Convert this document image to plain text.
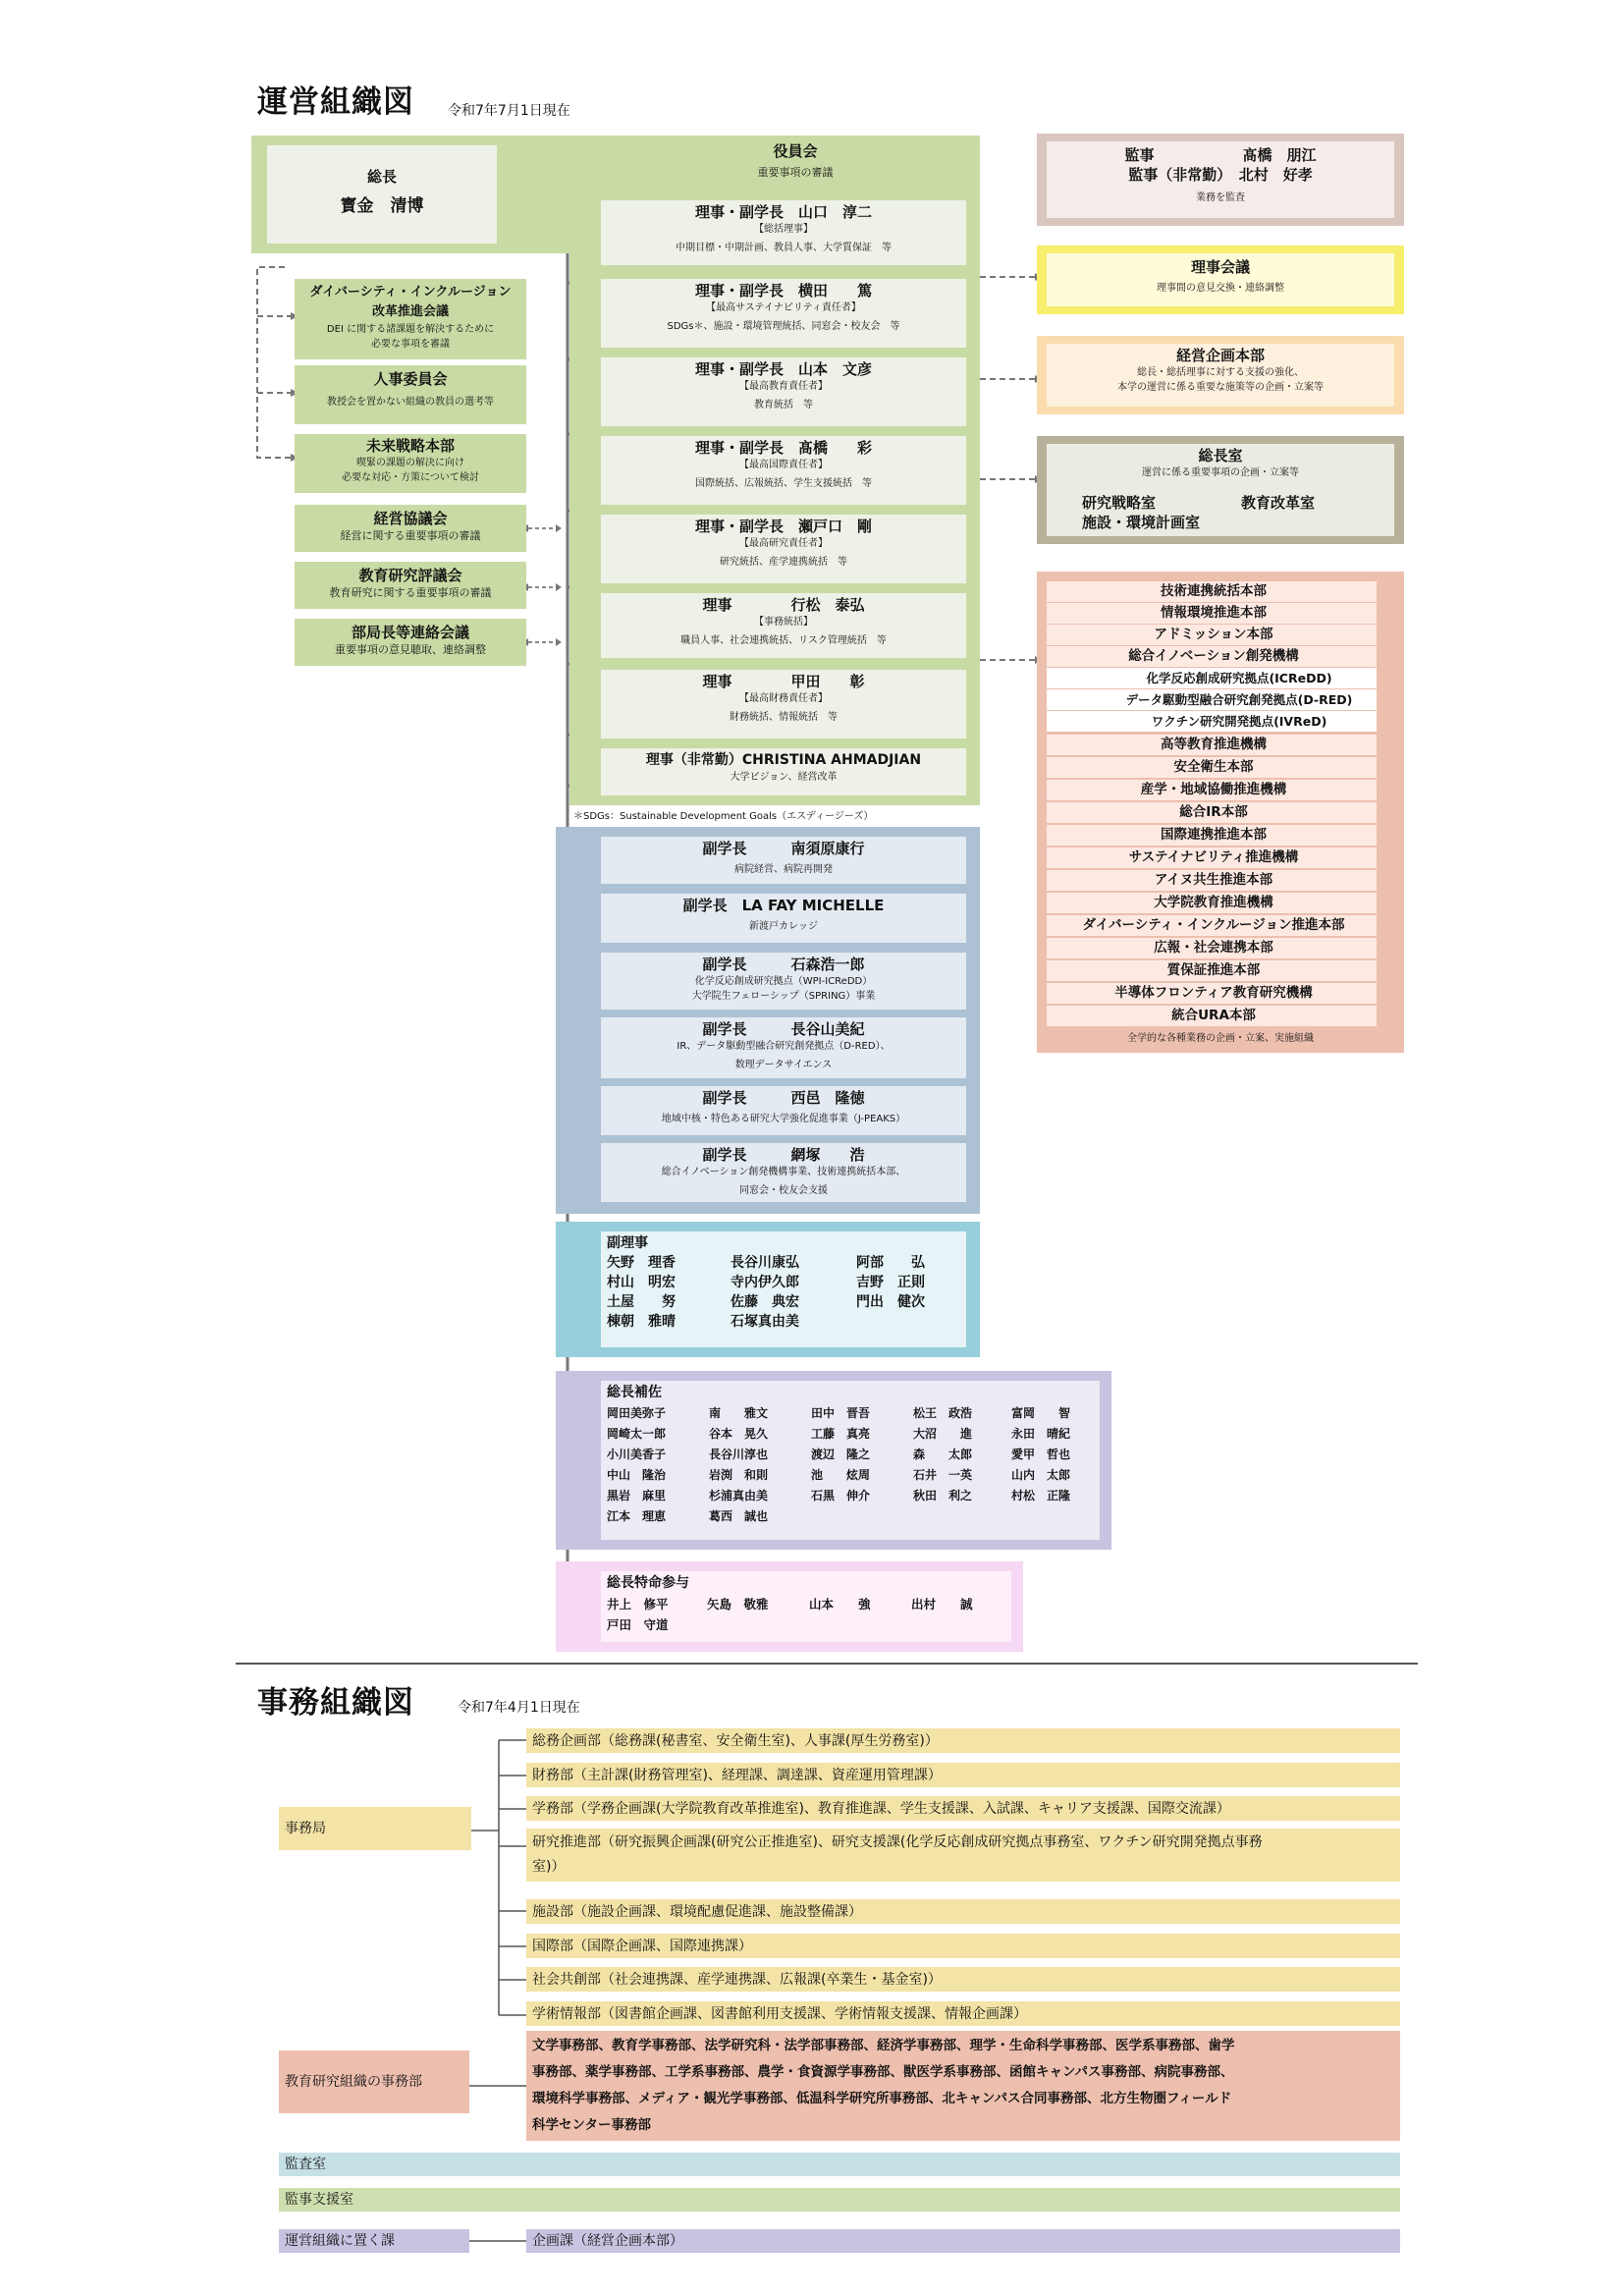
運営組織図 令和7年7月1日現在
役員会
重要事項の審議
総長
寳金　清博	理事・副学長　山口　淳二
【総括理事】
中期目標・中期計画、教員人事、大学質保証　等
理事・副学長　横田　　篤
【最高サステイナビリティ責任者】
SDGs＊、施設・環境管理統括、同窓会・校友会　等
理事・副学長　山本　文彦
【最高教育責任者】
教育統括　等
理事・副学長　髙橋　　彩
【最高国際責任者】
国際統括、広報統括、学生支援統括　等
理事・副学長　瀬戸口　剛
【最高研究責任者】
研究統括、産学連携統括　等
理事　　　　行松　泰弘
【事務統括】
職員人事、社会連携統括、リスク管理統括　等
理事　　　　甲田　　彰
【最高財務責任者】
財務統括、情報統括　等
理事（非常勤）CHRISTINA AHMADJIAN
大学ビジョン、経営改革
＊SDGs：Sustainable Development Goals（エスディージーズ）
ダイバーシティ・インクルージョン
改革推進会議
DEI に関する諸課題を解決するために
必要な事項を審議
人事委員会
教授会を置かない組織の教員の選考等
未来戦略本部
喫緊の課題の解決に向け
必要な対応・方策について検討
経営協議会
経営に関する重要事項の審議
教育研究評議会
教育研究に関する重要事項の審議
部局長等連絡会議
重要事項の意見聴取、連絡調整
監事　　　　　　髙橋　朋江
監事（非常勤）　北村　好孝
業務を監査
理事会議
理事間の意見交換・連絡調整
経営企画本部
総長・総括理事に対する支援の強化、
本学の運営に係る重要な施策等の企画・立案等
総長室
運営に係る重要事項の企画・立案等
研究戦略室	教育改革室
施設・環境計画室
技術連携統括本部
情報環境推進本部
アドミッション本部
総合イノベーション創発機構
化学反応創成研究拠点(ICReDD)
データ駆動型融合研究創発拠点(D-RED)
ワクチン研究開発拠点(IVReD)
高等教育推進機構
安全衛生本部
産学・地域協働推進機構
総合IR本部
国際連携推進本部
サステイナビリティ推進機構
アイヌ共生推進本部
大学院教育推進機構
ダイバーシティ・インクルージョン推進本部
広報・社会連携本部
質保証推進本部
半導体フロンティア教育研究機構
統合URA本部
全学的な各種業務の企画・立案、実施組織
副学長　　　南須原康行
病院経営、病院再開発
副学長　LA FAY MICHELLE
新渡戸カレッジ
副学長　　　石森浩一郎
化学反応創成研究拠点（WPI-ICReDD）
大学院生フェローシップ（SPRING）事業
副学長　　　長谷山美紀
IR、データ駆動型融合研究創発拠点（D-RED）、
数理データサイエンス
副学長　　　西邑　隆徳
地域中核・特色ある研究大学強化促進事業（J-PEAKS）
副学長　　　網塚　　浩
総合イノベーション創発機構事業、技術連携統括本部、
同窓会・校友会支援
副理事
矢野　理香	長谷川康弘	阿部　　弘
村山　明宏	寺内伊久郎	吉野　正則
土屋　　努	佐藤　典宏	門出　健次
棟朝　雅晴	石塚真由美
総長補佐
岡田美弥子	南　　雅文	田中　晋吾	松王　政浩	富岡　　智
岡崎太一郎	谷本　晃久	工藤　真亮	大沼　　進	永田　晴紀
小川美香子	長谷川淳也	渡辺　隆之	森　　太郎	愛甲　哲也
中山　隆治	岩渕　和則	池　　炫周	石井　一英	山内　太郎
黒岩　麻里	杉浦真由美	石黒　伸介	秋田　利之	村松　正隆
江本　理恵	葛西　誠也
総長特命参与
井上　修平	矢島　敬雅	山本　　強	出村　　誠
戸田　守道
事務組織図	令和7年4月1日現在
事務局
総務企画部（総務課(秘書室、安全衛生室)、人事課(厚生労務室)）
財務部（主計課(財務管理室)、経理課、調達課、資産運用管理課）
学務部（学務企画課(大学院教育改革推進室)、教育推進課、学生支援課、入試課、キャリア支援課、国際交流課）
研究推進部（研究振興企画課(研究公正推進室)、研究支援課(化学反応創成研究拠点事務室、ワクチン研究開発拠点事務
室)）
施設部（施設企画課、環境配慮促進課、施設整備課）
国際部（国際企画課、国際連携課）
社会共創部（社会連携課、産学連携課、広報課(卒業生・基金室)）
学術情報部（図書館企画課、図書館利用支援課、学術情報支援課、情報企画課）
教育研究組織の事務部
文学事務部、教育学事務部、法学研究科・法学部事務部、経済学事務部、理学・生命科学事務部、医学系事務部、歯学
事務部、薬学事務部、工学系事務部、農学・食資源学事務部、獣医学系事務部、函館キャンパス事務部、病院事務部、
環境科学事務部、メディア・観光学事務部、低温科学研究所事務部、北キャンパス合同事務部、北方生物圏フィールド
科学センター事務部
監査室
監事支援室
運営組織に置く課	企画課（経営企画本部）
